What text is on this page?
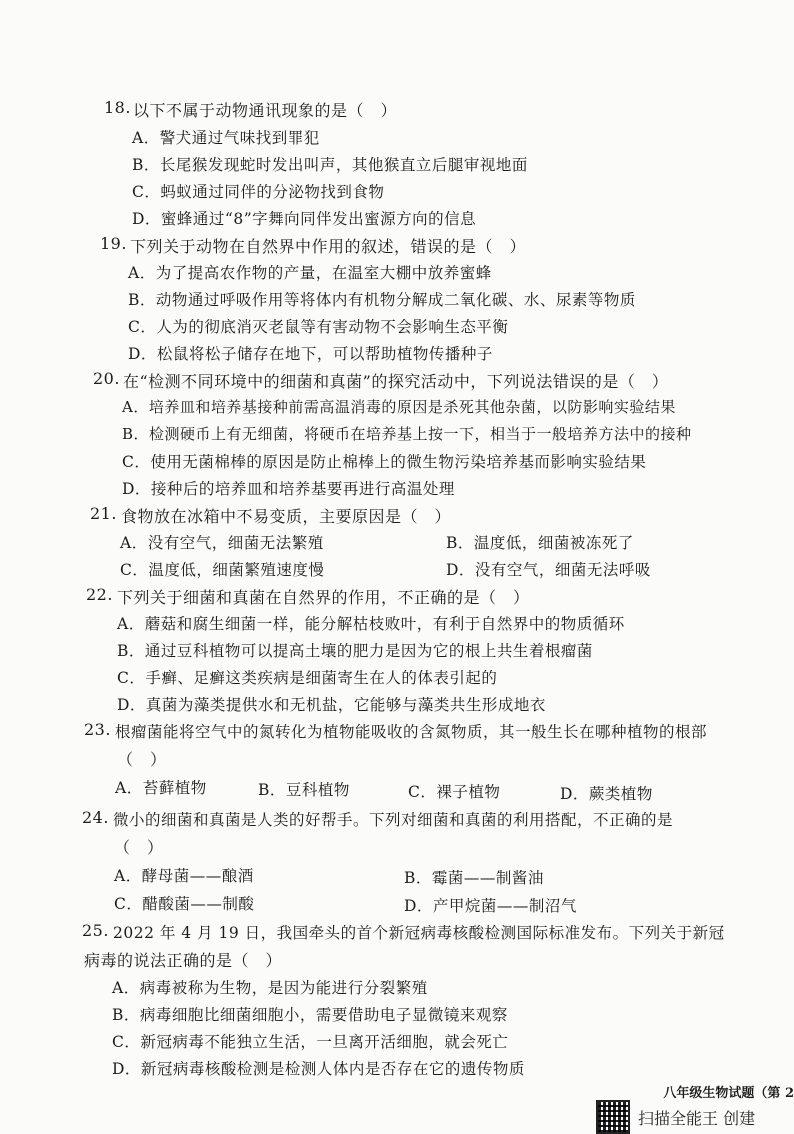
18. 以下不属于动物通讯现象的是（　）
A．警犬通过气味找到罪犯
B．长尾猴发现蛇时发出叫声，其他猴直立后腿审视地面
C．蚂蚁通过同伴的分泌物找到食物
D．蜜蜂通过“8”字舞向同伴发出蜜源方向的信息
19. 下列关于动物在自然界中作用的叙述，错误的是（　）
A．为了提高农作物的产量，在温室大棚中放养蜜蜂
B．动物通过呼吸作用等将体内有机物分解成二氧化碳、水、尿素等物质
C．人为的彻底消灭老鼠等有害动物不会影响生态平衡
D．松鼠将松子储存在地下，可以帮助植物传播种子
20. 在“检测不同环境中的细菌和真菌”的探究活动中，下列说法错误的是（　）
A．培养皿和培养基接种前需高温消毒的原因是杀死其他杂菌，以防影响实验结果
B．检测硬币上有无细菌，将硬币在培养基上按一下，相当于一般培养方法中的接种
C．使用无菌棉棒的原因是防止棉棒上的微生物污染培养基而影响实验结果
D．接种后的培养皿和培养基要再进行高温处理
21. 食物放在冰箱中不易变质，主要原因是（　）
A．没有空气，细菌无法繁殖	B．温度低，细菌被冻死了
C．温度低，细菌繁殖速度慢	D．没有空气，细菌无法呼吸
22. 下列关于细菌和真菌在自然界的作用，不正确的是（　）
A．蘑菇和腐生细菌一样，能分解枯枝败叶，有利于自然界中的物质循环
B．通过豆科植物可以提高土壤的肥力是因为它的根上共生着根瘤菌
C．手癣、足癣这类疾病是细菌寄生在人的体表引起的
D．真菌为藻类提供水和无机盐，它能够与藻类共生形成地衣
23. 根瘤菌能将空气中的氮转化为植物能吸收的含氮物质，其一般生长在哪种植物的根部
（　）
A．苔藓植物	B．豆科植物	C．裸子植物	D．蕨类植物
24. 微小的细菌和真菌是人类的好帮手。下列对细菌和真菌的利用搭配，不正确的是
（　）
A．酵母菌——酿酒	B．霉菌——制酱油
C．醋酸菌——制酸	D．产甲烷菌——制沼气
25. 2022 年 4 月 19 日，我国牵头的首个新冠病毒核酸检测国际标准发布。下列关于新冠
病毒的说法正确的是（　）
A．病毒被称为生物，是因为能进行分裂繁殖
B．病毒细胞比细菌细胞小，需要借助电子显微镜来观察
C．新冠病毒不能独立生活，一旦离开活细胞，就会死亡
D．新冠病毒核酸检测是检测人体内是否存在它的遗传物质
八年级生物试题（第 2
扫描全能王 创建
